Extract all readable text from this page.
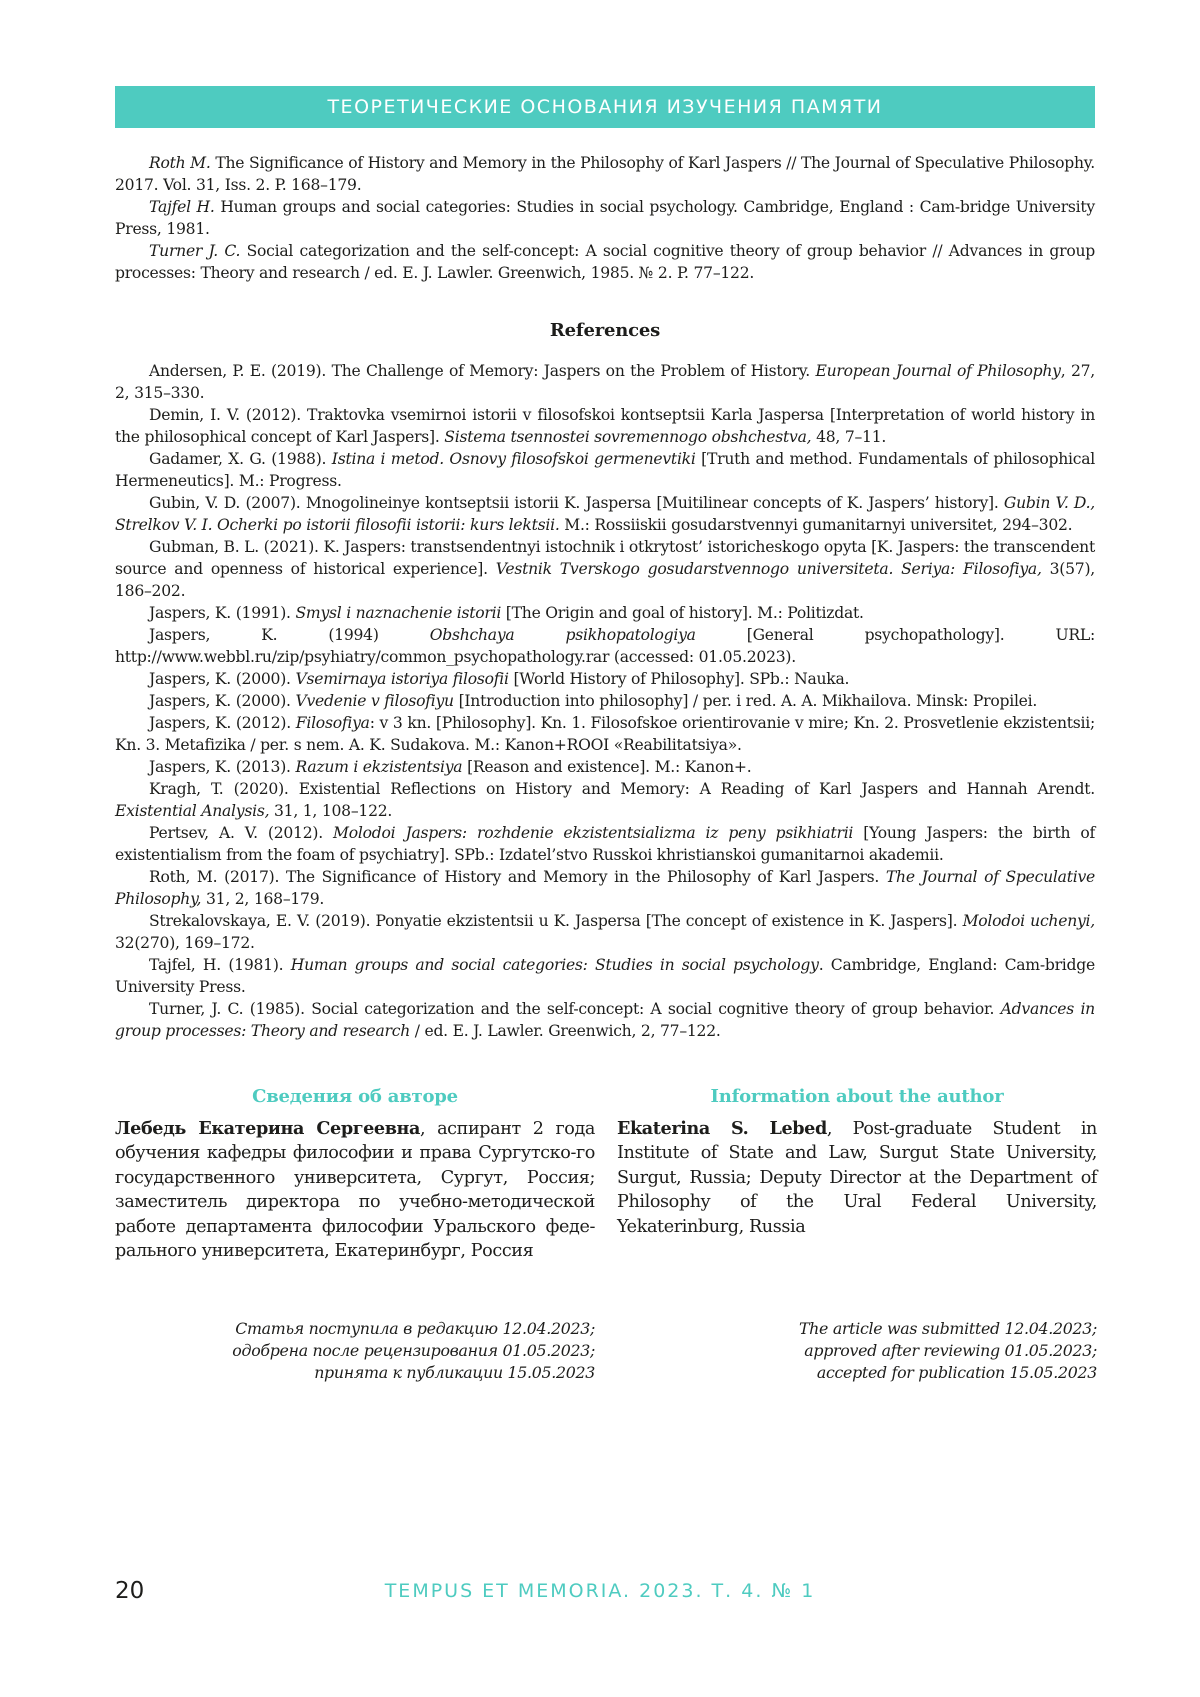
ТЕОРЕТИЧЕСКИЕ ОСНОВАНИЯ ИЗУЧЕНИЯ ПАМЯТИ

Roth M. The Significance of History and Memory in the Philosophy of Karl Jaspers // The Journal of Speculative Philosophy. 2017. Vol. 31, Iss. 2. P. 168–179.

Tajfel H. Human groups and social categories: Studies in social psychology. Cambridge, England : Cam-bridge University Press, 1981.

Turner J. C. Social categorization and the self-concept: A social cognitive theory of group behavior // Advances in group processes: Theory and research / ed. E. J. Lawler. Greenwich, 1985. № 2. P. 77–122.

References

Andersen, P. E. (2019). The Challenge of Memory: Jaspers on the Problem of History. European Journal of Philosophy, 27, 2, 315–330.

Demin, I. V. (2012). Traktovka vsemirnoi istorii v filosofskoi kontseptsii Karla Jaspersa [Interpretation of world history in the philosophical concept of Karl Jaspers]. Sistema tsennostei sovremennogo obshchestva, 48, 7–11.

Gadamer, X. G. (1988). Istina i metod. Osnovy filosofskoi germenevtiki [Truth and method. Fundamentals of philosophical Hermeneutics]. M.: Progress.

Gubin, V. D. (2007). Mnogolineinye kontseptsii istorii K. Jaspersa [Muitilinear concepts of K. Jaspers’ history]. Gubin V. D., Strelkov V. I. Ocherki po istorii filosofii istorii: kurs lektsii. M.: Rossiiskii gosudarstvennyi gumanitarnyi universitet, 294–302.

Gubman, B. L. (2021). K. Jaspers: transtsendentnyi istochnik i otkrytost’ istoricheskogo opyta [K. Jaspers: the transcendent source and openness of historical experience]. Vestnik Tverskogo gosudarstvennogo universiteta. Seriya: Filosofiya, 3(57), 186–202.

Jaspers, K. (1991). Smysl i naznachenie istorii [The Origin and goal of history]. M.: Politizdat.

Jaspers, K. (1994) Obshchaya psikhopatologiya [General psychopathology]. URL: http://www.webbl.ru/zip/psyhiatry/common_psychopathology.rar (accessed: 01.05.2023).

Jaspers, K. (2000). Vsemirnaya istoriya filosofii [World History of Philosophy]. SPb.: Nauka.

Jaspers, K. (2000). Vvedenie v filosofiyu [Introduction into philosophy] / per. i red. A. A. Mikhailova. Minsk: Propilei.

Jaspers, K. (2012). Filosofiya: v 3 kn. [Philosophy]. Kn. 1. Filosofskoe orientirovanie v mire; Kn. 2. Prosvetlenie ekzistentsii; Kn. 3. Metafizika / per. s nem. A. K. Sudakova. M.: Kanon+ROOI «Reabilitatsiya».

Jaspers, K. (2013). Razum i ekzistentsiya [Reason and existence]. M.: Kanon+.

Kragh, T. (2020). Existential Reflections on History and Memory: A Reading of Karl Jaspers and Hannah Arendt. Existential Analysis, 31, 1, 108–122.

Pertsev, A. V. (2012). Molodoi Jaspers: rozhdenie ekzistentsializma iz peny psikhiatrii [Young Jaspers: the birth of existentialism from the foam of psychiatry]. SPb.: Izdatel’stvo Russkoi khristianskoi gumanitarnoi akademii.

Roth, M. (2017). The Significance of History and Memory in the Philosophy of Karl Jaspers. The Journal of Speculative Philosophy, 31, 2, 168–179.

Strekalovskaya, E. V. (2019). Ponyatie ekzistentsii u K. Jaspersa [The concept of existence in K. Jaspers]. Molodoi uchenyi, 32(270), 169–172.

Tajfel, H. (1981). Human groups and social categories: Studies in social psychology. Cambridge, England: Cam-bridge University Press.

Turner, J. C. (1985). Social categorization and the self-concept: A social cognitive theory of group behavior. Advances in group processes: Theory and research / ed. E. J. Lawler. Greenwich, 2, 77–122.

Сведения об авторе
Лебедь Екатерина Сергеевна, аспирант 2 года обучения кафедры философии и права Сургутско-го государственного университета, Сургут, Россия; заместитель директора по учебно-методической работе департамента философии Уральского феде-рального университета, Екатеринбург, Россия
Information about the author
Ekaterina S. Lebed, Post-graduate Student in Institute of State and Law, Surgut State University, Surgut, Russia; Deputy Director at the Department of Philosophy of the Ural Federal University, Yekaterinburg, Russia
Статья поступила в редакцию 12.04.2023;
одобрена после рецензирования 01.05.2023;
принята к публикации 15.05.2023
The article was submitted 12.04.2023;
approved after reviewing 01.05.2023;
accepted for publication 15.05.2023
20	TEMPUS ET MEMORIA. 2023. Т. 4. № 1
